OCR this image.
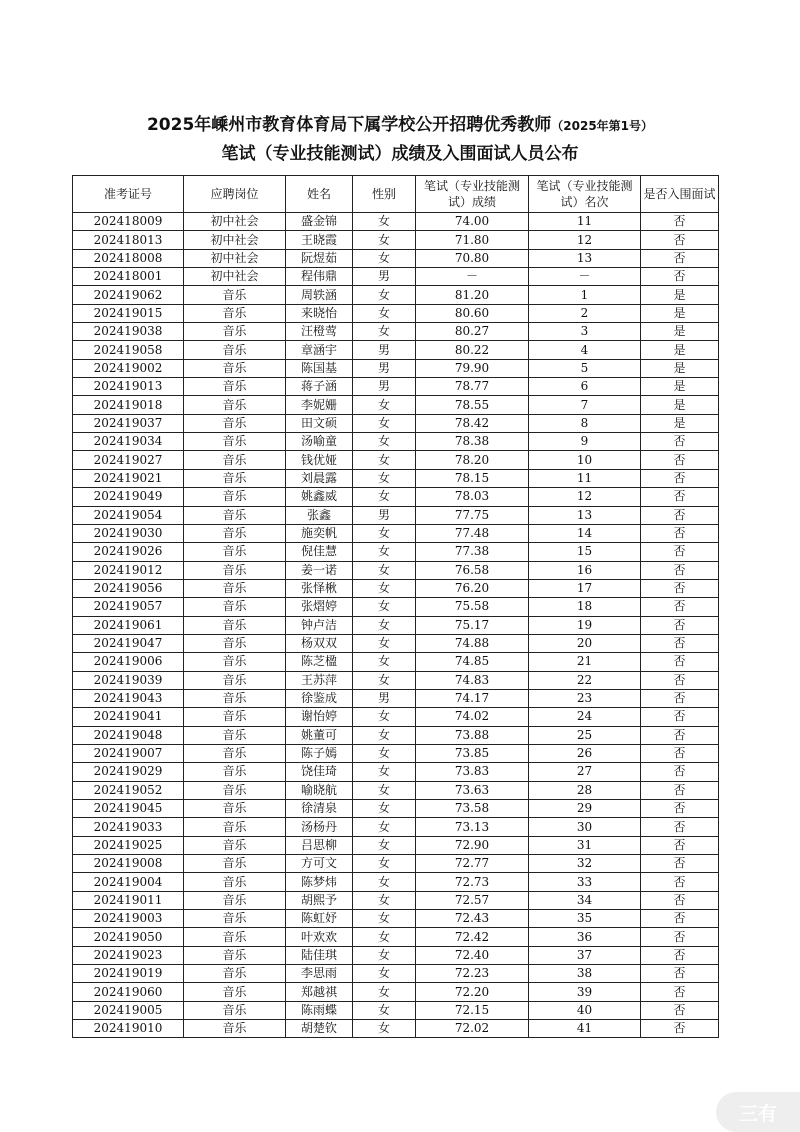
2025年嵊州市教育体育局下属学校公开招聘优秀教师（2025年第1号）
笔试（专业技能测试）成绩及入围面试人员公布
准考证号	应聘岗位	姓名	性别	笔试（专业技能测试）成绩	笔试（专业技能测试）名次	是否入围面试
202418009	初中社会	盛金锦	女	74.00	11	否
202418013	初中社会	王晓霞	女	71.80	12	否
202418008	初中社会	阮煜茹	女	70.80	13	否
202418001	初中社会	程伟鼎	男	－	－	否
202419062	音乐	周轶涵	女	81.20	1	是
202419015	音乐	来晓怡	女	80.60	2	是
202419038	音乐	汪橙莺	女	80.27	3	是
202419058	音乐	章涵宇	男	80.22	4	是
202419002	音乐	陈国基	男	79.90	5	是
202419013	音乐	蒋子涵	男	78.77	6	是
202419018	音乐	李妮姗	女	78.55	7	是
202419037	音乐	田文硕	女	78.42	8	是
202419034	音乐	汤喻童	女	78.38	9	否
202419027	音乐	钱优娅	女	78.20	10	否
202419021	音乐	刘晨露	女	78.15	11	否
202419049	音乐	姚鑫威	女	78.03	12	否
202419054	音乐	张鑫	男	77.75	13	否
202419030	音乐	施奕帆	女	77.48	14	否
202419026	音乐	倪佳慧	女	77.38	15	否
202419012	音乐	姜一诺	女	76.58	16	否
202419056	音乐	张怿楸	女	76.20	17	否
202419057	音乐	张熠婷	女	75.58	18	否
202419061	音乐	钟卢洁	女	75.17	19	否
202419047	音乐	杨双双	女	74.88	20	否
202419006	音乐	陈芝楹	女	74.85	21	否
202419039	音乐	王苏萍	女	74.83	22	否
202419043	音乐	徐鉴成	男	74.17	23	否
202419041	音乐	谢怡婷	女	74.02	24	否
202419048	音乐	姚董可	女	73.88	25	否
202419007	音乐	陈子嫣	女	73.85	26	否
202419029	音乐	饶佳琦	女	73.83	27	否
202419052	音乐	喻晓航	女	73.63	28	否
202419045	音乐	徐清泉	女	73.58	29	否
202419033	音乐	汤杨丹	女	73.13	30	否
202419025	音乐	吕思柳	女	72.90	31	否
202419008	音乐	方可文	女	72.77	32	否
202419004	音乐	陈梦炜	女	72.73	33	否
202419011	音乐	胡熙予	女	72.57	34	否
202419003	音乐	陈虹妤	女	72.43	35	否
202419050	音乐	叶欢欢	女	72.42	36	否
202419023	音乐	陆佳琪	女	72.40	37	否
202419019	音乐	李思雨	女	72.23	38	否
202419060	音乐	郑越祺	女	72.20	39	否
202419005	音乐	陈雨蝶	女	72.15	40	否
202419010	音乐	胡楚钦	女	72.02	41	否
三有
